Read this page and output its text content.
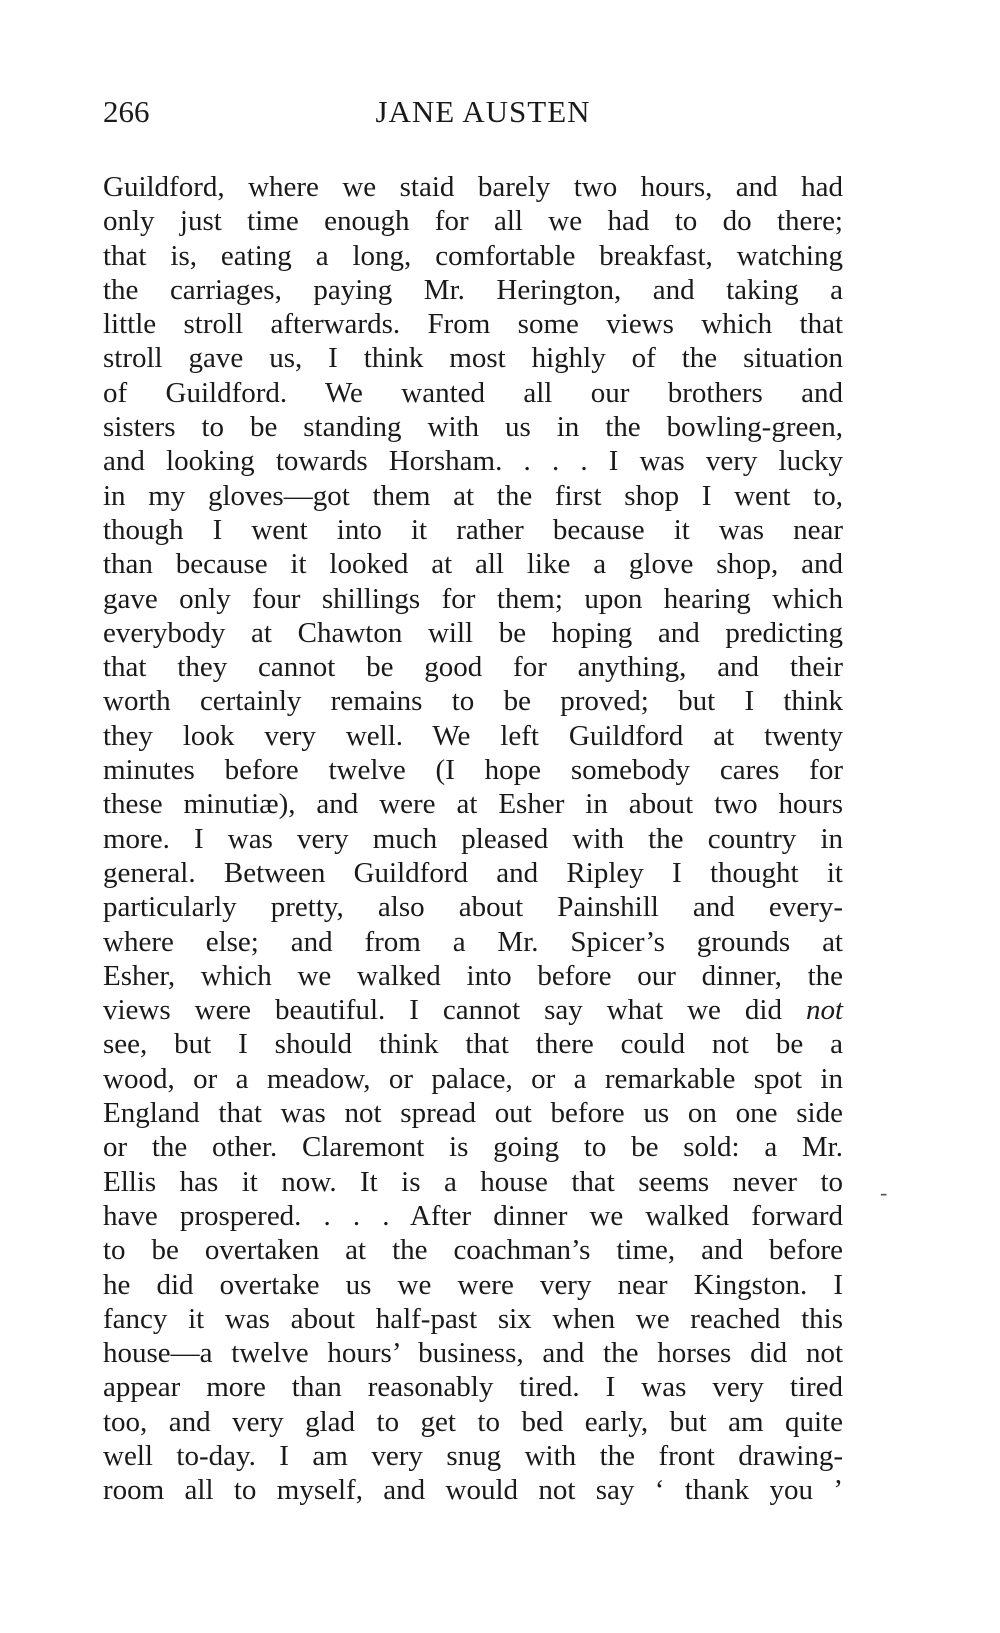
266	JANE AUSTEN
Guildford, where we staid barely two hours, and had
only just time enough for all we had to do there;
that is, eating a long, comfortable breakfast, watching
the carriages, paying Mr. Herington, and taking a
little stroll afterwards. From some views which that
stroll gave us, I think most highly of the situation
of Guildford. We wanted all our brothers and
sisters to be standing with us in the bowling-green,
and looking towards Horsham. . . . I was very lucky
in my gloves—got them at the first shop I went to,
though I went into it rather because it was near
than because it looked at all like a glove shop, and
gave only four shillings for them; upon hearing which
everybody at Chawton will be hoping and predicting
that they cannot be good for anything, and their
worth certainly remains to be proved; but I think
they look very well. We left Guildford at twenty
minutes before twelve (I hope somebody cares for
these minutiæ), and were at Esher in about two hours
more. I was very much pleased with the country in
general. Between Guildford and Ripley I thought it
particularly pretty, also about Painshill and every-
where else; and from a Mr. Spicer’s grounds at
Esher, which we walked into before our dinner, the
views were beautiful. I cannot say what we did not
see, but I should think that there could not be a
wood, or a meadow, or palace, or a remarkable spot in
England that was not spread out before us on one side
or the other. Claremont is going to be sold: a Mr.
Ellis has it now. It is a house that seems never to
have prospered. . . . After dinner we walked forward
to be overtaken at the coachman’s time, and before
he did overtake us we were very near Kingston. I
fancy it was about half-past six when we reached this
house—a twelve hours’ business, and the horses did not
appear more than reasonably tired. I was very tired
too, and very glad to get to bed early, but am quite
well to-day. I am very snug with the front drawing-
room all to myself, and would not say ‘ thank you ’
-
